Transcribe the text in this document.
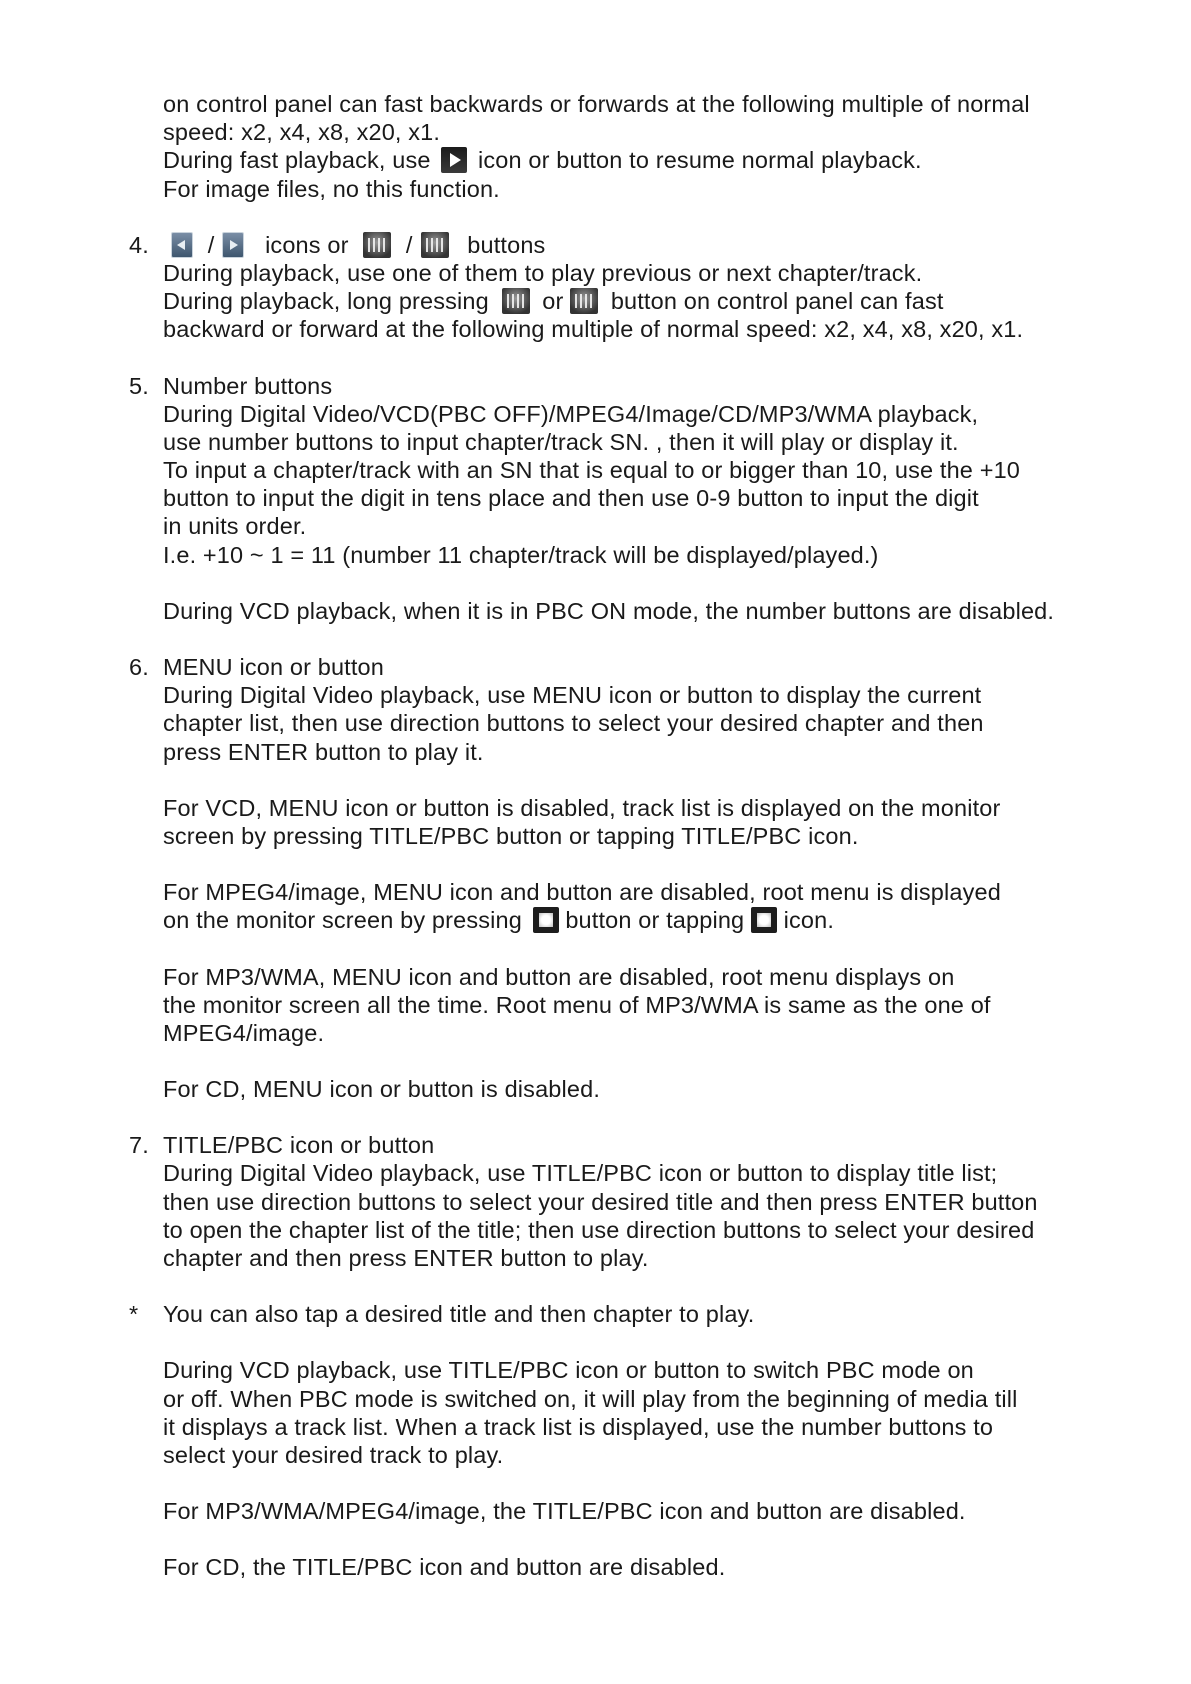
on control panel can fast backwards or forwards at the following multiple of normal
speed: x2, x4, x8, x20, x1.
During fast playback, use icon or button to resume normal playback.
For image files, no this function.
4.	/ icons or / buttons
During playback, use one of them to play previous or next chapter/track.
During playback, long pressing or button on control panel can fast
backward or forward at the following multiple of normal speed: x2, x4, x8, x20, x1.
5. Number buttons
During Digital Video/VCD(PBC OFF)/MPEG4/Image/CD/MP3/WMA playback,
use number buttons to input chapter/track SN. , then it will play or display it.
To input a chapter/track with an SN that is equal to or bigger than 10, use the +10
button to input the digit in tens place and then use 0-9 button to input the digit
in units order.
I.e. +10 ~ 1 = 11 (number 11 chapter/track will be displayed/played.)
During VCD playback, when it is in PBC ON mode, the number buttons are disabled.
6. MENU icon or button
During Digital Video playback, use MENU icon or button to display the current
chapter list, then use direction buttons to select your desired chapter and then
press ENTER button to play it.
For VCD, MENU icon or button is disabled, track list is displayed on the monitor
screen by pressing TITLE/PBC button or tapping TITLE/PBC icon.
For MPEG4/image, MENU icon and button are disabled, root menu is displayed
on the monitor screen by pressing button or tapping icon.
For MP3/WMA, MENU icon and button are disabled, root menu displays on
the monitor screen all the time. Root menu of MP3/WMA is same as the one of
MPEG4/image.
For CD, MENU icon or button is disabled.
7. TITLE/PBC icon or button
During Digital Video playback, use TITLE/PBC icon or button to display title list;
then use direction buttons to select your desired title and then press ENTER button
to open the chapter list of the title; then use direction buttons to select your desired
chapter and then press ENTER button to play.
* You can also tap a desired title and then chapter to play.
During VCD playback, use TITLE/PBC icon or button to switch PBC mode on
or off. When PBC mode is switched on, it will play from the beginning of media till
it displays a track list. When a track list is displayed, use the number buttons to
select your desired track to play.
For MP3/WMA/MPEG4/image, the TITLE/PBC icon and button are disabled.
For CD, the TITLE/PBC icon and button are disabled.
